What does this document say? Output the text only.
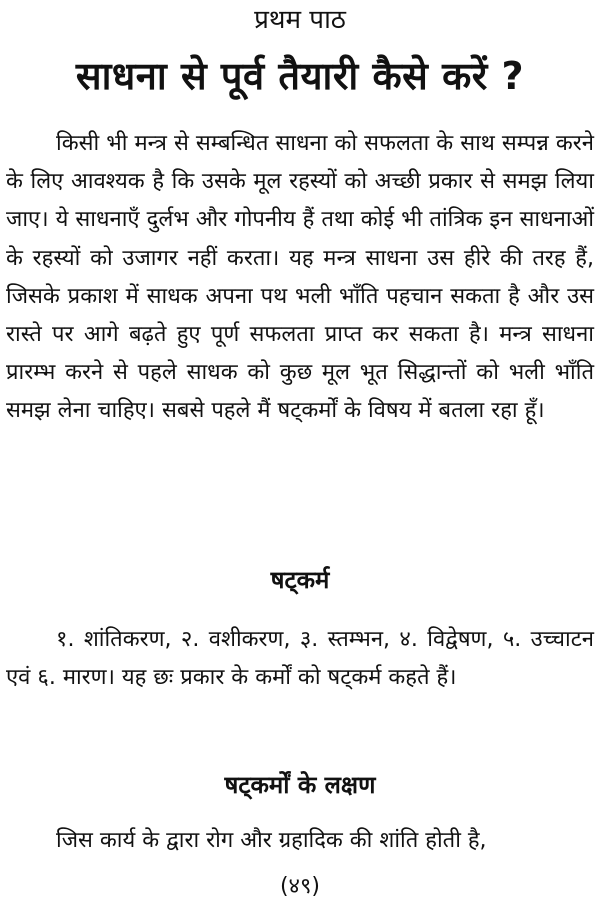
प्रथम पाठ
साधना से पूर्व तैयारी कैसे करें ?

किसी भी मन्त्र से सम्बन्धित साधना को सफलता के साथ सम्पन्न करने के लिए आवश्यक है कि उसके मूल रहस्यों को अच्छी प्रकार से समझ लिया जाए। ये साधनाएँ दुर्लभ और गोपनीय हैं तथा कोई भी तांत्रिक इन साधनाओं के रहस्यों को उजागर नहीं करता। यह मन्त्र साधना उस हीरे की तरह हैं, जिसके प्रकाश में साधक अपना पथ भली भाँति पहचान सकता है और उस रास्ते पर आगे बढ़ते हुए पूर्ण सफलता प्राप्त कर सकता है। मन्त्र साधना प्रारम्भ करने से पहले साधक को कुछ मूल भूत सिद्धान्तों को भली भाँति समझ लेना चाहिए। सबसे पहले मैं षट्कर्मों के विषय में बतला रहा हूँ।

षट्कर्म

१. शांतिकरण, २. वशीकरण, ३. स्तम्भन, ४. विद्वेषण, ५. उच्चाटन एवं ६. मारण। यह छः प्रकार के कर्मों को षट्कर्म कहते हैं।

षट्कर्मों के लक्षण

जिस कार्य के द्वारा रोग और ग्रहादिक की शांति होती है,

(४९)
